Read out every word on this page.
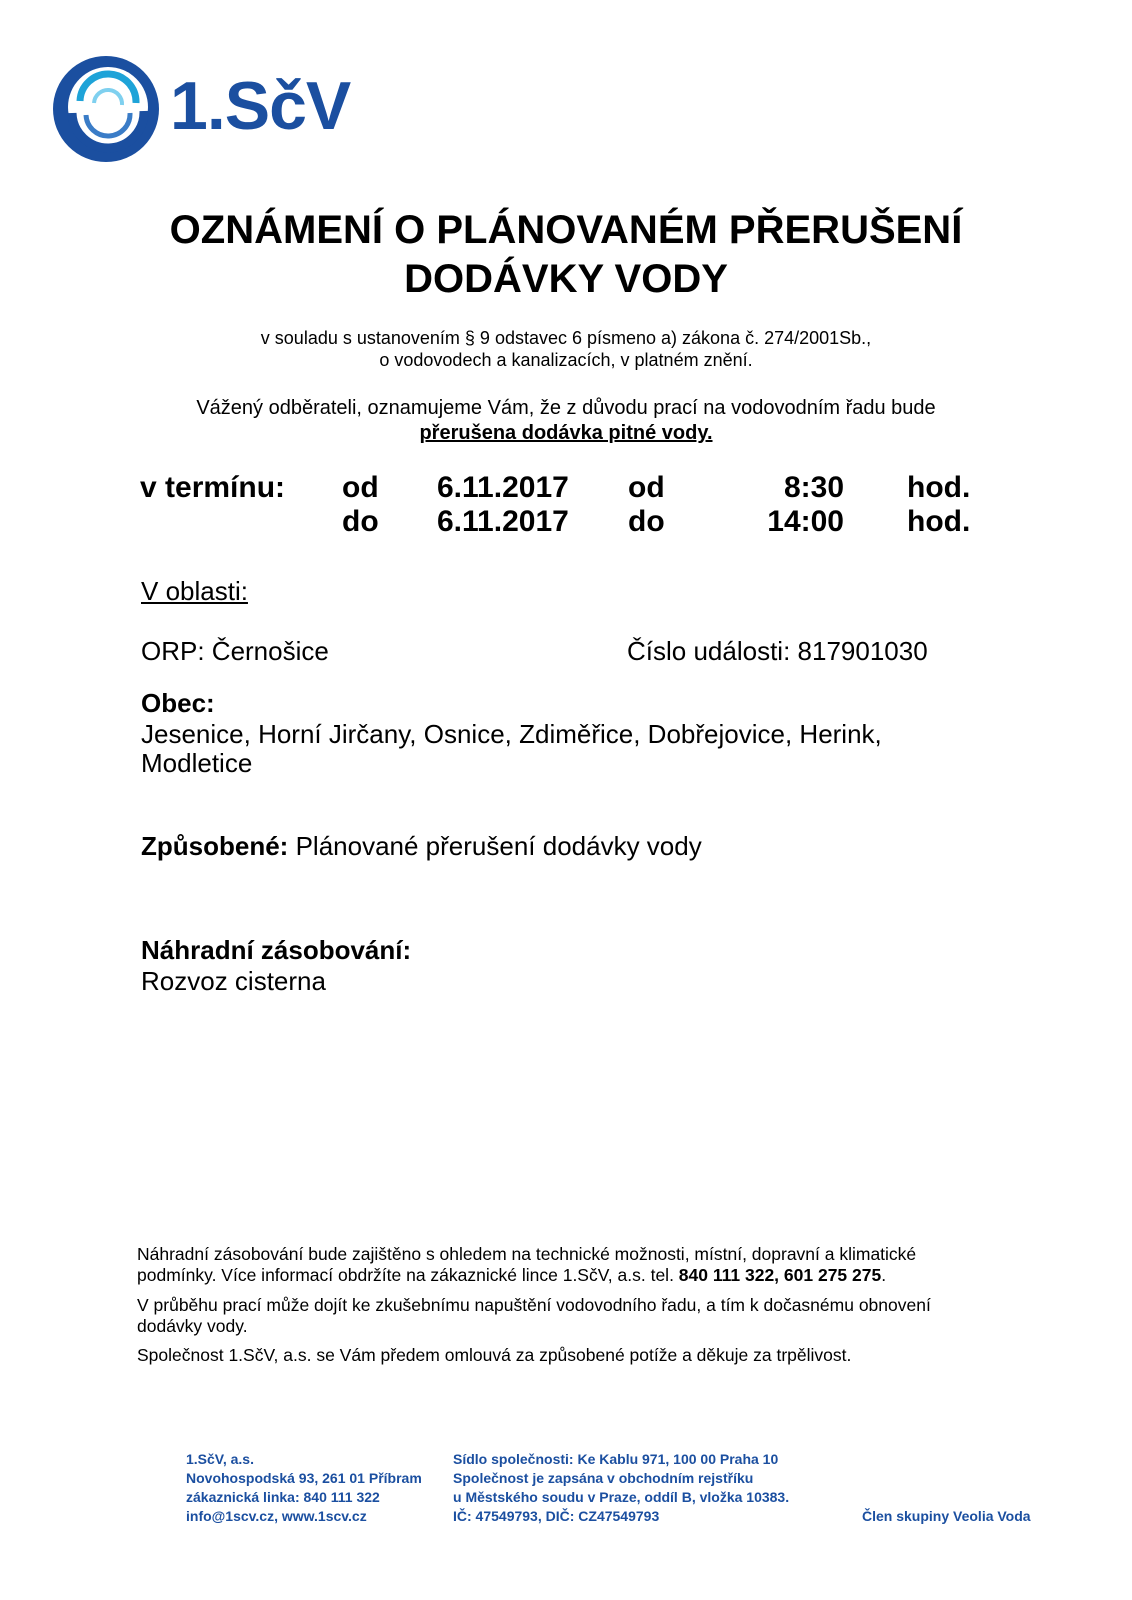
1.SčV
OZNÁMENÍ O PLÁNOVANÉM PŘERUŠENÍ
DODÁVKY VODY
v souladu s ustanovením § 9 odstavec 6 písmeno a) zákona č. 274/2001Sb.,
o vodovodech a kanalizacích, v platném znění.
Vážený odběrateli, oznamujeme Vám, že z důvodu prací na vodovodním řadu bude
přerušena dodávka pitné vody.
v termínu: od 6.11.2017 od	8:30 hod.
do 6.11.2017 do	14:00 hod.
V oblasti:
ORP: Černošice	Číslo události: 817901030
Obec:
Jesenice, Horní Jirčany, Osnice, Zdiměřice, Dobřejovice, Herink,
Modletice
Způsobené: Plánované přerušení dodávky vody
Náhradní zásobování:
Rozvoz cisterna
Náhradní zásobování bude zajištěno s ohledem na technické možnosti, místní, dopravní a klimatické
podmínky. Více informací obdržíte na zákaznické lince 1.SčV, a.s. tel. 840 111 322, 601 275 275.
V průběhu prací může dojít ke zkušebnímu napuštění vodovodního řadu, a tím k dočasnému obnovení
dodávky vody.
Společnost 1.SčV, a.s. se Vám předem omlouvá za způsobené potíže a děkuje za trpělivost.
1.SčV, a.s.
Novohospodská 93, 261 01 Příbram
zákaznická linka: 840 111 322
info@1scv.cz, www.1scv.cz
Sídlo společnosti: Ke Kablu 971, 100 00 Praha 10
Společnost je zapsána v obchodním rejstříku
u Městského soudu v Praze, oddíl B, vložka 10383.
IČ: 47549793, DIČ: CZ47549793	Člen skupiny Veolia Voda
